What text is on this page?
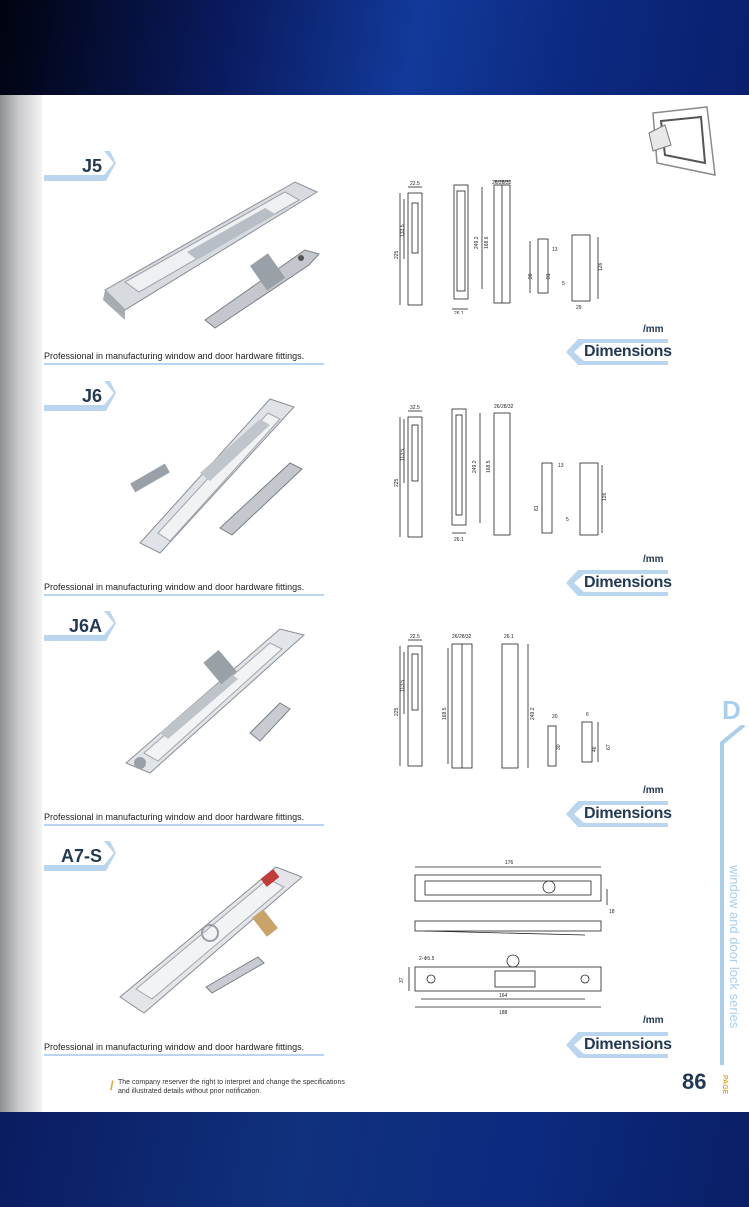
J5
22.5
133.5
225
26.1
249.2
26/28/32
168.6
13
90 81
5
126
29
/mm
Dimensions
Professional in manufacturing window and door hardware fittings.
J6
32.5
113.5
225
26.1
249.2
26/28/32
168.5	13
81
5
126
/mm
Dimensions
Professional in manufacturing window and door hardware fittings.
J6A
22.5
113.5
225
26/28/32
168.5
26.1
249.2	20
30
6
46 67
/mm
Dimensions
Professional in manufacturing window and door hardware fittings.
A7-S	176
2-Φ5.5
37
164
188
18
/mm
Dimensions
Professional in manufacturing window and door hardware fittings.
D
window and door lock series
/ The company reserver the right to interpret and change the specifications
and illustrated details without prior notification.	86 PAGE
